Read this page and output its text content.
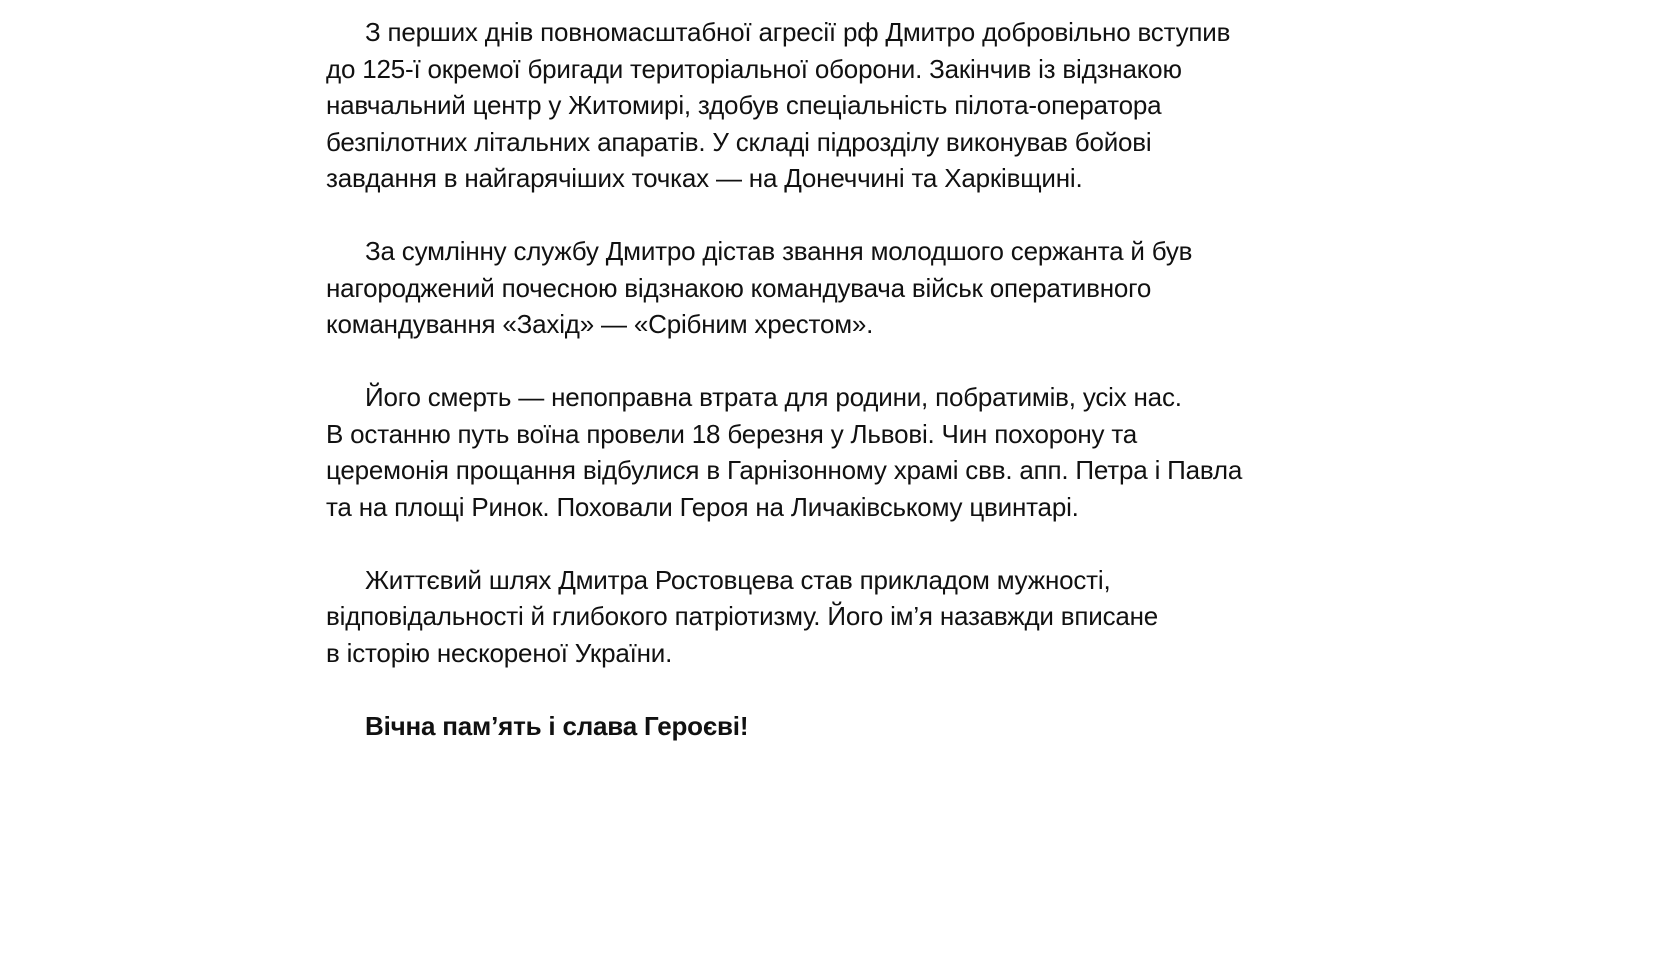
З перших днів повномасштабної агресії рф Дмитро добровільно вступив
до 125-ї окремої бригади територіальної оборони. Закінчив із відзнакою
навчальний центр у Житомирі, здобув спеціальність пілота-оператора
безпілотних літальних апаратів. У складі підрозділу виконував бойові
завдання в найгарячіших точках — на Донеччині та Харківщині.

За сумлінну службу Дмитро дістав звання молодшого сержанта й був
нагороджений почесною відзнакою командувача військ оперативного
командування «Захід» — «Срібним хрестом».

Його смерть — непоправна втрата для родини, побратимів, усіх нас.
В останню путь воїна провели 18 березня у Львові. Чин похорону та
церемонія прощання відбулися в Гарнізонному храмі свв. апп. Петра і Павла
та на площі Ринок. Поховали Героя на Личаківському цвинтарі.

Життєвий шлях Дмитра Ростовцева став прикладом мужності,
відповідальності й глибокого патріотизму. Його ім’я назавжди вписане
в історію нескореної України.

Вічна пам’ять і слава Героєві!
